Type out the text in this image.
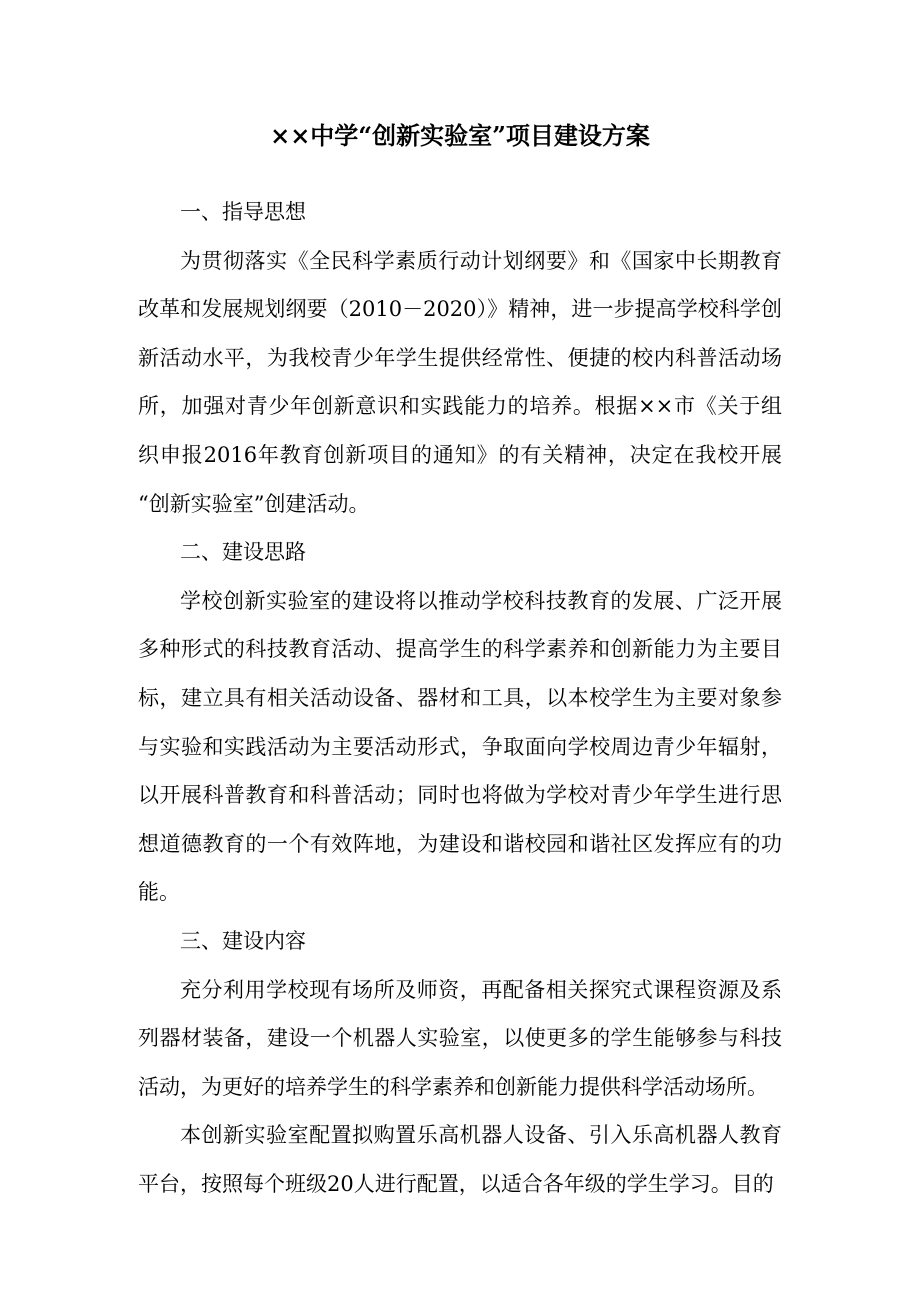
××中学“创新实验室”项目建设方案

一、指导思想

为贯彻落实《全民科学素质行动计划纲要》和《国家中长期教育改革和发展规划纲要（2010－2020）》精神，进一步提高学校科学创新活动水平，为我校青少年学生提供经常性、便捷的校内科普活动场所，加强对青少年创新意识和实践能力的培养。根据××市《关于组织申报2016年教育创新项目的通知》的有关精神，决定在我校开展 “创新实验室”创建活动。

二、建设思路

学校创新实验室的建设将以推动学校科技教育的发展、广泛开展多种形式的科技教育活动、提高学生的科学素养和创新能力为主要目标，建立具有相关活动设备、器材和工具，以本校学生为主要对象参与实验和实践活动为主要活动形式，争取面向学校周边青少年辐射，以开展科普教育和科普活动；同时也将做为学校对青少年学生进行思想道德教育的一个有效阵地，为建设和谐校园和谐社区发挥应有的功能。

三、建设内容

充分利用学校现有场所及师资，再配备相关探究式课程资源及系列器材装备，建设一个机器人实验室，以使更多的学生能够参与科技活动，为更好的培养学生的科学素养和创新能力提供科学活动场所。

本创新实验室配置拟购置乐高机器人设备、引入乐高机器人教育平台，按照每个班级20人进行配置，以适合各年级的学生学习。目的
